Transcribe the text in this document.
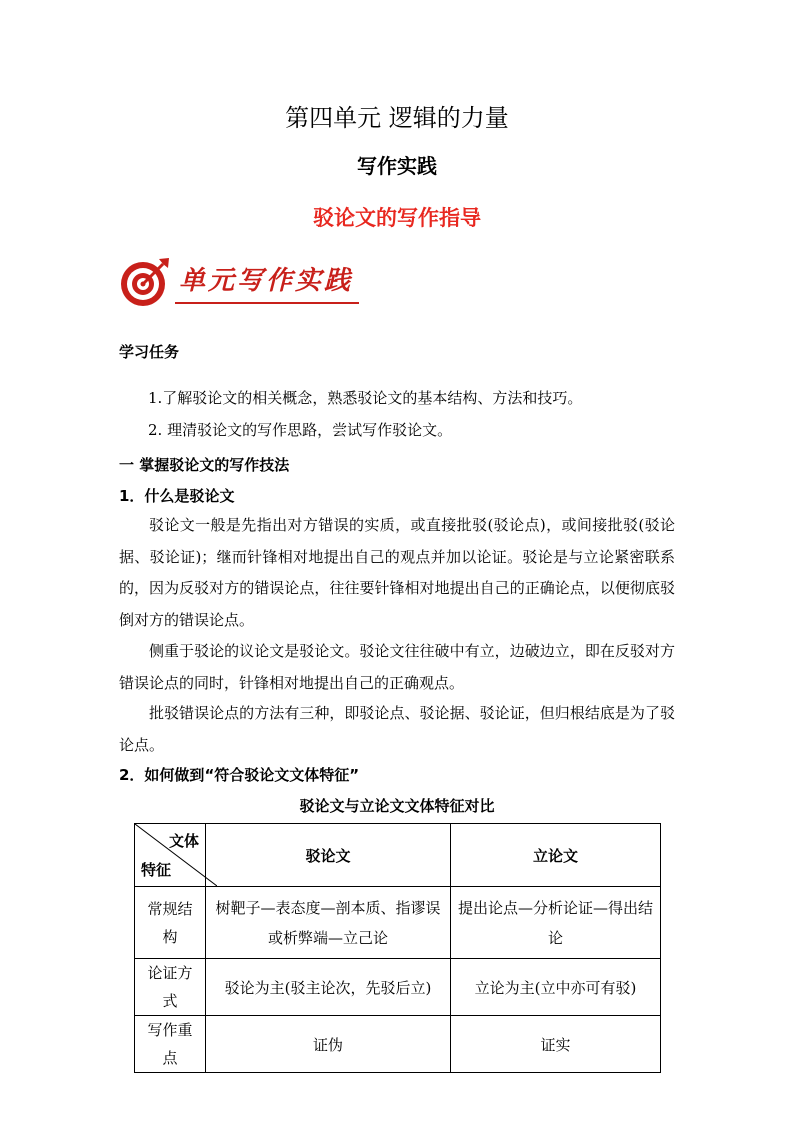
第四单元 逻辑的力量
写作实践
驳论文的写作指导
单元写作实践
学习任务
1.了解驳论文的相关概念，熟悉驳论文的基本结构、方法和技巧。
2. 理清驳论文的写作思路，尝试写作驳论文。
一 掌握驳论文的写作技法
1．什么是驳论文
驳论文一般是先指出对方错误的实质，或直接批驳(驳论点)，或间接批驳(驳论据、驳论证)；继而针锋相对地提出自己的观点并加以论证。驳论是与立论紧密联系的，因为反驳对方的错误论点，往往要针锋相对地提出自己的正确论点，以便彻底驳倒对方的错误论点。
侧重于驳论的议论文是驳论文。驳论文往往破中有立，边破边立，即在反驳对方错误论点的同时，针锋相对地提出自己的正确观点。
批驳错误论点的方法有三种，即驳论点、驳论据、驳论证，但归根结底是为了驳论点。
2．如何做到“符合驳论文文体特征”
驳论文与立论文文体特征对比
文体
特征	驳论文	立论文
常规结构	树靶子—表态度—剖本质、指谬误或析弊端—立己论	提出论点—分析论证—得出结论
论证方式	驳论为主(驳主论次，先驳后立)	立论为主(立中亦可有驳)
写作重点	证伪	证实
